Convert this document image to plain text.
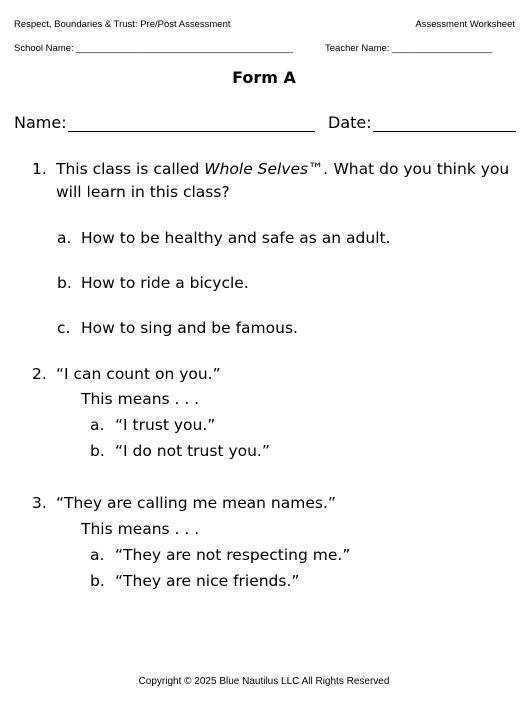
Respect, Boundaries & Trust: Pre/Post Assessment	Assessment Worksheet
School Name: _________________________________________	Teacher Name: ___________________
Form A
Name:	Date:
1. This class is called Whole Selves™. What do you think you
will learn in this class?
a. How to be healthy and safe as an adult.
b. How to ride a bicycle.
c. How to sing and be famous.
2. “I can count on you.”
This means . . .
a. “I trust you.”
b. “I do not trust you.”
3. “They are calling me mean names.”
This means . . .
a. “They are not respecting me.”
b. “They are nice friends.”
Copyright © 2025 Blue Nautilus LLC All Rights Reserved
